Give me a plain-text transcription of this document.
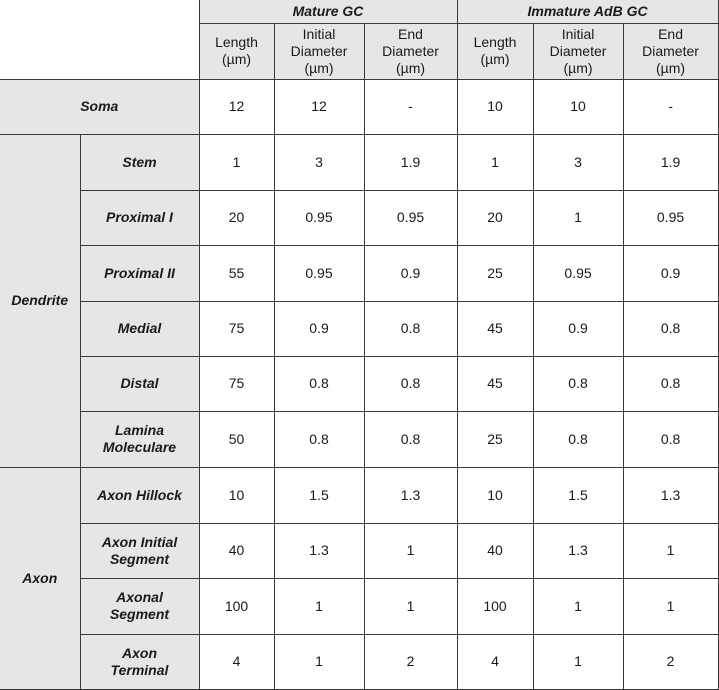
		Mature GC			Immature AdB GC		
		Length
(µm)	Initial
Diameter
(µm)	End
Diameter
(µm)	Length
(µm)	Initial
Diameter
(µm)	End
Diameter
(µm)
Soma		12	12	-	10	10	-
Dendrite	Stem	1	3	1.9	1	3	1.9
	Proximal I	20	0.95	0.95	20	1	0.95
	Proximal II	55	0.95	0.9	25	0.95	0.9
	Medial	75	0.9	0.8	45	0.9	0.8
	Distal	75	0.8	0.8	45	0.8	0.8
	Lamina
Moleculare	50	0.8	0.8	25	0.8	0.8
Axon	Axon Hillock	10	1.5	1.3	10	1.5	1.3
	Axon Initial
Segment	40	1.3	1	40	1.3	1
	Axonal
Segment	100	1	1	100	1	1
	Axon
Terminal	4	1	2	4	1	2
